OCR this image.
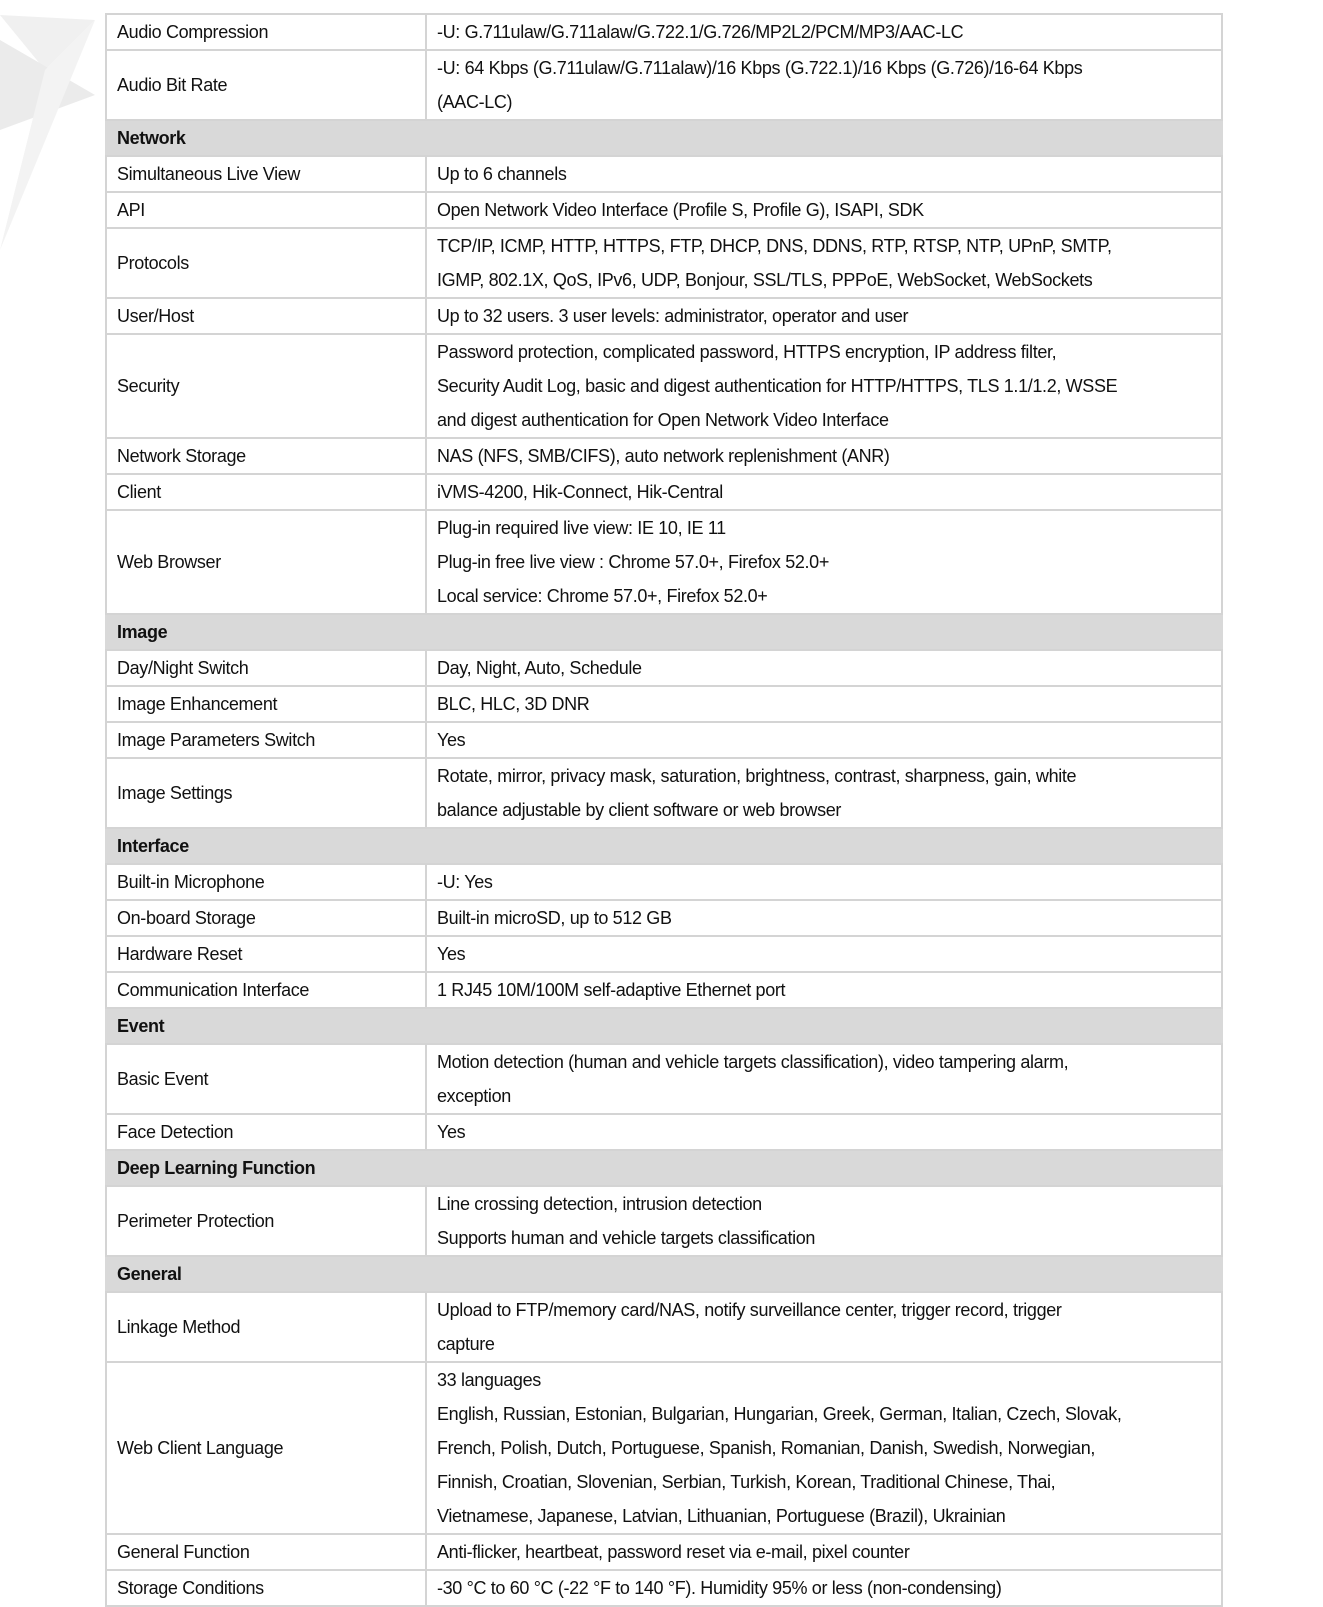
Audio Compression	-U: G.711ulaw/G.711alaw/G.722.1/G.726/MP2L2/PCM/MP3/AAC-LC

Audio Bit Rate	-U: 64 Kbps (G.711ulaw/G.711alaw)/16 Kbps (G.722.1)/16 Kbps (G.726)/16-64 Kbps
(AAC-LC)

Network	
Simultaneous Live View	Up to 6 channels

API	Open Network Video Interface (Profile S, Profile G), ISAPI, SDK

Protocols	TCP/IP, ICMP, HTTP, HTTPS, FTP, DHCP, DNS, DDNS, RTP, RTSP, NTP, UPnP, SMTP,
IGMP, 802.1X, QoS, IPv6, UDP, Bonjour, SSL/TLS, PPPoE, WebSocket, WebSockets

User/Host	Up to 32 users. 3 user levels: administrator, operator and user

Security	Password protection, complicated password, HTTPS encryption, IP address filter,
Security Audit Log, basic and digest authentication for HTTP/HTTPS, TLS 1.1/1.2, WSSE
and digest authentication for Open Network Video Interface

Network Storage	NAS (NFS, SMB/CIFS), auto network replenishment (ANR)

Client	iVMS-4200, Hik-Connect, Hik-Central

Web Browser	Plug-in required live view: IE 10, IE 11
Plug-in free live view : Chrome 57.0+, Firefox 52.0+
Local service: Chrome 57.0+, Firefox 52.0+

Image	
Day/Night Switch	Day, Night, Auto, Schedule

Image Enhancement	BLC, HLC, 3D DNR

Image Parameters Switch	Yes

Image Settings	Rotate, mirror, privacy mask, saturation, brightness, contrast, sharpness, gain, white
balance adjustable by client software or web browser

Interface	
Built-in Microphone	-U: Yes

On-board Storage	Built-in microSD, up to 512 GB

Hardware Reset	Yes

Communication Interface	1 RJ45 10M/100M self-adaptive Ethernet port

Event	
Basic Event	Motion detection (human and vehicle targets classification), video tampering alarm,
exception

Face Detection	Yes

Deep Learning Function	
Perimeter Protection	Line crossing detection, intrusion detection
Supports human and vehicle targets classification

General	
Linkage Method	Upload to FTP/memory card/NAS, notify surveillance center, trigger record, trigger
capture

Web Client Language	33 languages
English, Russian, Estonian, Bulgarian, Hungarian, Greek, German, Italian, Czech, Slovak,
French, Polish, Dutch, Portuguese, Spanish, Romanian, Danish, Swedish, Norwegian,
Finnish, Croatian, Slovenian, Serbian, Turkish, Korean, Traditional Chinese, Thai,
Vietnamese, Japanese, Latvian, Lithuanian, Portuguese (Brazil), Ukrainian

General Function	Anti-flicker, heartbeat, password reset via e-mail, pixel counter

Storage Conditions	-30 °C to 60 °C (-22 °F to 140 °F). Humidity 95% or less (non-condensing)
